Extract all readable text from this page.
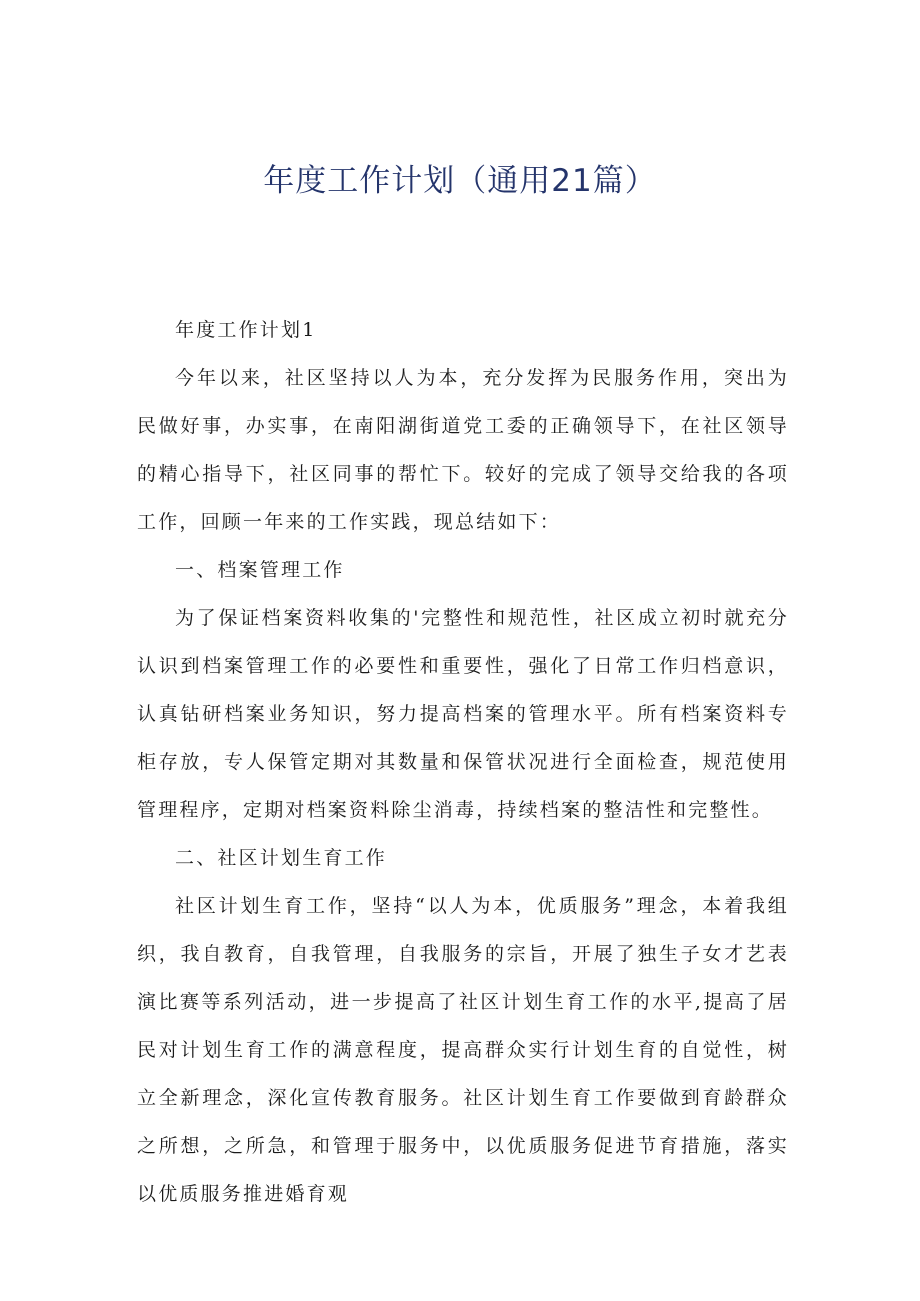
年度工作计划（通用21篇）

年度工作计划1

今年以来，社区坚持以人为本，充分发挥为民服务作用，突出为民做好事，办实事，在南阳湖街道党工委的正确领导下，在社区领导的精心指导下，社区同事的帮忙下。较好的完成了领导交给我的各项工作，回顾一年来的工作实践，现总结如下：

一、档案管理工作

为了保证档案资料收集的'完整性和规范性，社区成立初时就充分认识到档案管理工作的必要性和重要性，强化了日常工作归档意识，认真钻研档案业务知识，努力提高档案的管理水平。所有档案资料专柜存放，专人保管定期对其数量和保管状况进行全面检查，规范使用管理程序，定期对档案资料除尘消毒，持续档案的整洁性和完整性。

二、社区计划生育工作

社区计划生育工作，坚持“以人为本，优质服务”理念，本着我组织，我自教育，自我管理，自我服务的宗旨，开展了独生子女才艺表演比赛等系列活动，进一步提高了社区计划生育工作的水平,提高了居民对计划生育工作的满意程度，提高群众实行计划生育的自觉性，树立全新理念，深化宣传教育服务。社区计划生育工作要做到育龄群众之所想，之所急，和管理于服务中，以优质服务促进节育措施，落实以优质服务推进婚育观
